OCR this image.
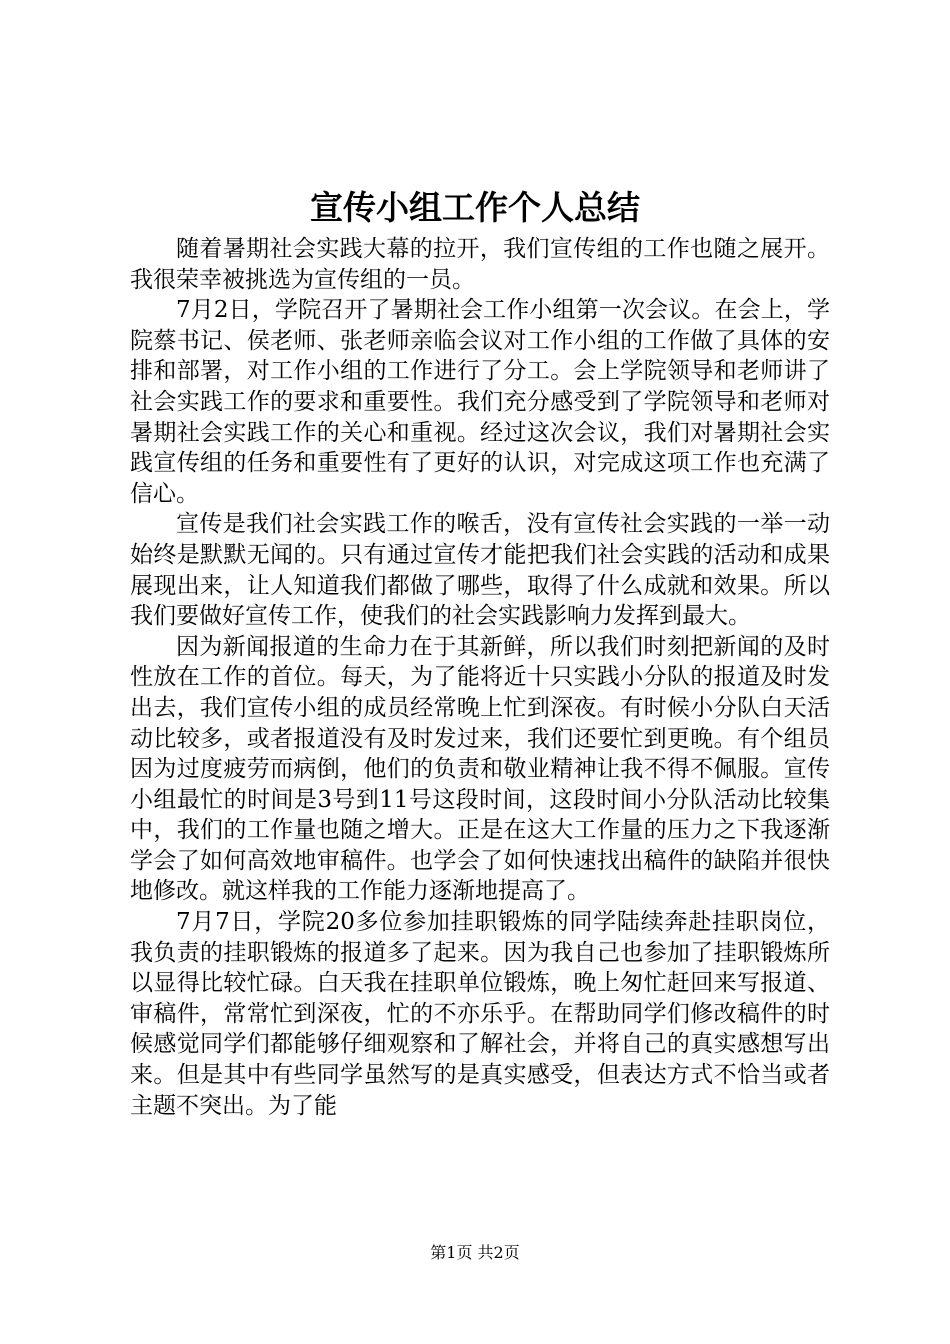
宣传小组工作个人总结

随着暑期社会实践大幕的拉开，我们宣传组的工作也随之展开。我很荣幸被挑选为宣传组的一员。

7月2日，学院召开了暑期社会工作小组第一次会议。在会上，学院蔡书记、侯老师、张老师亲临会议对工作小组的工作做了具体的安排和部署，对工作小组的工作进行了分工。会上学院领导和老师讲了社会实践工作的要求和重要性。我们充分感受到了学院领导和老师对暑期社会实践工作的关心和重视。经过这次会议，我们对暑期社会实践宣传组的任务和重要性有了更好的认识，对完成这项工作也充满了信心。

宣传是我们社会实践工作的喉舌，没有宣传社会实践的一举一动始终是默默无闻的。只有通过宣传才能把我们社会实践的活动和成果展现出来，让人知道我们都做了哪些，取得了什么成就和效果。所以我们要做好宣传工作，使我们的社会实践影响力发挥到最大。

因为新闻报道的生命力在于其新鲜，所以我们时刻把新闻的及时性放在工作的首位。每天，为了能将近十只实践小分队的报道及时发出去，我们宣传小组的成员经常晚上忙到深夜。有时候小分队白天活动比较多，或者报道没有及时发过来，我们还要忙到更晚。有个组员因为过度疲劳而病倒，他们的负责和敬业精神让我不得不佩服。宣传小组最忙的时间是3号到11号这段时间，这段时间小分队活动比较集中，我们的工作量也随之增大。正是在这大工作量的压力之下我逐渐学会了如何高效地审稿件。也学会了如何快速找出稿件的缺陷并很快地修改。就这样我的工作能力逐渐地提高了。

7月7日，学院20多位参加挂职锻炼的同学陆续奔赴挂职岗位，我负责的挂职锻炼的报道多了起来。因为我自己也参加了挂职锻炼所以显得比较忙碌。白天我在挂职单位锻炼，晚上匆忙赶回来写报道、审稿件，常常忙到深夜，忙的不亦乐乎。在帮助同学们修改稿件的时候感觉同学们都能够仔细观察和了解社会，并将自己的真实感想写出来。但是其中有些同学虽然写的是真实感受，但表达方式不恰当或者主题不突出。为了能

第1页 共2页
